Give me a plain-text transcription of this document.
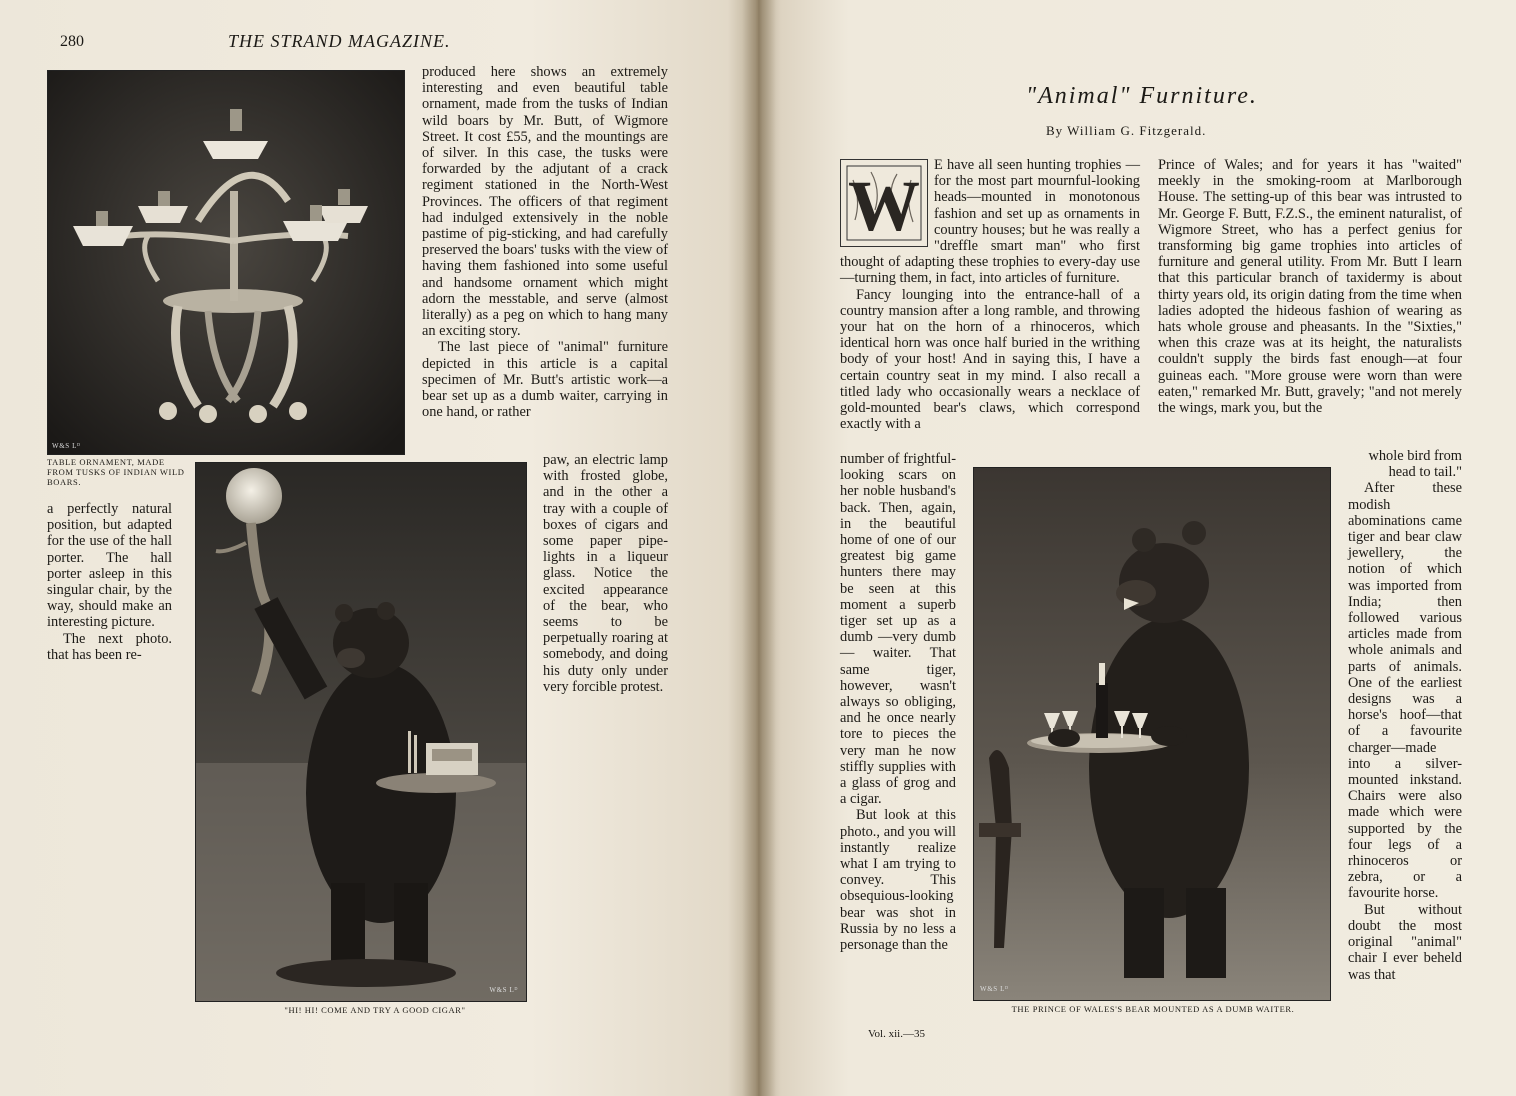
280	THE STRAND MAGAZINE.
W&S Lᴰ
TABLE ORNAMENT, MADE FROM TUSKS OF INDIAN WILD BOARS.

produced here shows an extremely interesting and even beautiful table ornament, made from the tusks of Indian wild boars by Mr. Butt, of Wigmore Street. It cost £55, and the mountings are of silver. In this case, the tusks were forwarded by the adjutant of a crack regiment stationed in the North-West Provinces. The officers of that regiment had indulged extensively in the noble pastime of pig-sticking, and had carefully preserved the boars' tusks with the view of having them fashioned into some useful and handsome ornament which might adorn the messtable, and serve (almost literally) as a peg on which to hang many an exciting story.

The last piece of "animal" furniture depicted in this article is a capital specimen of Mr. Butt's artistic work—a bear set up as a dumb waiter, carrying in one hand, or rather

W&S Lᴰ
"HI! HI! COME AND TRY A GOOD CIGAR"

paw, an electric lamp with frosted globe, and in the other a tray with a couple of boxes of cigars and some paper pipe-lights in a liqueur glass. Notice the excited appearance of the bear, who seems to be perpetually roaring at somebody, and doing his duty only under very forcible protest.

a perfectly natural position, but adapted for the use of the hall porter. The hall porter asleep in this singular chair, by the way, should make an interesting picture.

The next photo. that has been re-

"Animal" Furniture.
By William G. Fitzgerald.
W

E have all seen hunting trophies —for the most part mournful-looking heads—mounted in monotonous fashion and set up as ornaments in country houses; but he was really a "dreffle smart man" who first thought of adapting these trophies to every-day use—turning them, in fact, into articles of furniture.

Fancy lounging into the entrance-hall of a country mansion after a long ramble, and throwing your hat on the horn of a rhinoceros, which identical horn was once half buried in the writhing body of your host! And in saying this, I have a certain country seat in my mind. I also recall a titled lady who occasionally wears a necklace of gold-mounted bear's claws, which correspond exactly with a

number of frightful-looking scars on her noble husband's back. Then, again, in the beautiful home of one of our greatest big game hunters there may be seen at this moment a superb tiger set up as a dumb —very dumb— waiter. That same tiger, however, wasn't always so obliging, and he once nearly tore to pieces the very man he now stiffly supplies with a glass of grog and a cigar.

But look at this photo., and you will instantly realize what I am trying to convey. This obsequious-looking bear was shot in Russia by no less a personage than the

Vol. xii.—35

Prince of Wales; and for years it has "waited" meekly in the smoking-room at Marlborough House. The setting-up of this bear was intrusted to Mr. George F. Butt, F.Z.S., the eminent naturalist, of Wigmore Street, who has a perfect genius for transforming big game trophies into articles of furniture and general utility. From Mr. Butt I learn that this particular branch of taxidermy is about thirty years old, its origin dating from the time when ladies adopted the hideous fashion of wearing as hats whole grouse and pheasants. In the "Sixties," when this craze was at its height, the naturalists couldn't supply the birds fast enough—at four guineas each. "More grouse were worn than were eaten," remarked Mr. Butt, gravely; "and not merely the wings, mark you, but the

W&S Lᴰ
THE PRINCE OF WALES'S BEAR MOUNTED AS A DUMB WAITER.

whole bird from head to tail."

After these modish abominations came tiger and bear claw jewellery, the notion of which was imported from India; then followed various articles made from whole animals and parts of animals. One of the earliest designs was a horse's hoof—that of a favourite charger—made into a silver-mounted inkstand. Chairs were also made which were supported by the four legs of a rhinoceros or zebra, or a favourite horse.

But without doubt the most original "animal" chair I ever beheld was that
